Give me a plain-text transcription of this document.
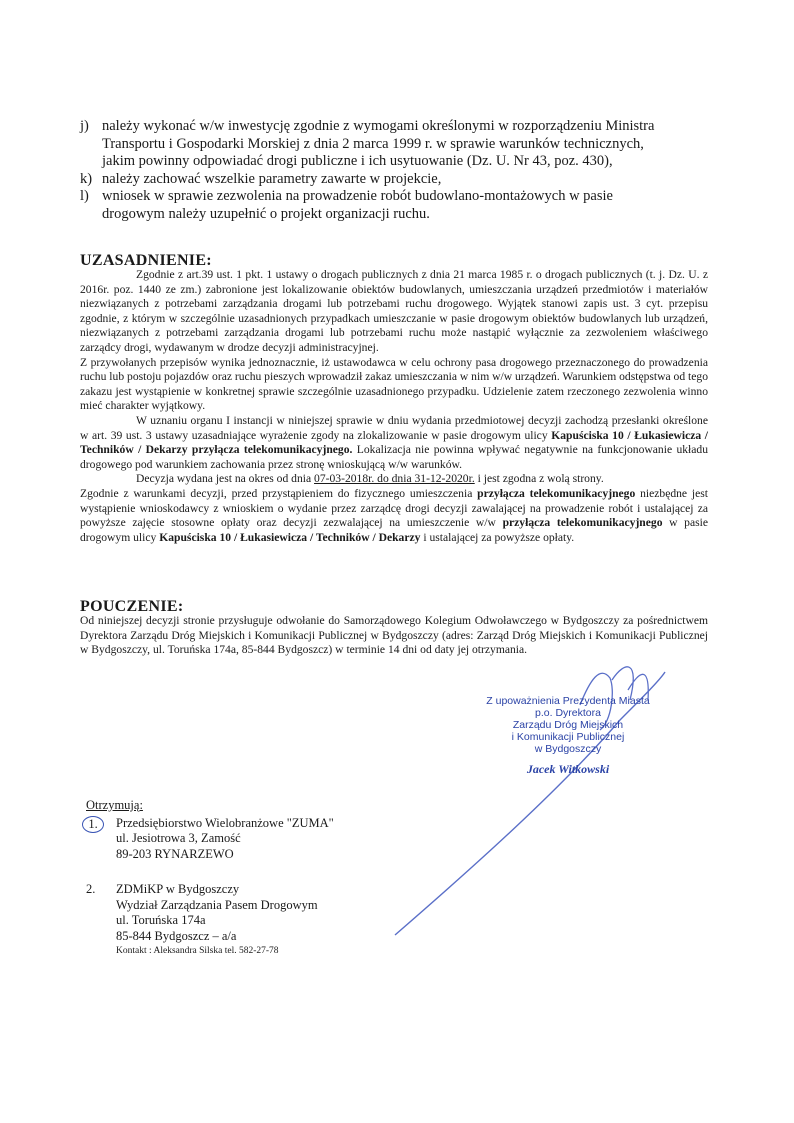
j) należy wykonać w/w inwestycję zgodnie z wymogami określonymi w rozporządzeniu Ministra
Transportu i Gospodarki Morskiej z dnia 2 marca 1999 r. w sprawie warunków technicznych,
jakim powinny odpowiadać drogi publiczne i ich usytuowanie (Dz. U. Nr 43, poz. 430),
k) należy zachować wszelkie parametry zawarte w projekcie,
l) wniosek w sprawie zezwolenia na prowadzenie robót budowlano-montażowych w pasie
drogowym należy uzupełnić o projekt organizacji ruchu.
UZASADNIENIE:

Zgodnie z art.39 ust. 1 pkt. 1 ustawy o drogach publicznych z dnia 21 marca 1985 r. o drogach publicznych (t. j. Dz. U. z 2016r. poz. 1440 ze zm.) zabronione jest lokalizowanie obiektów budowlanych, umieszczania urządzeń przedmiotów i materiałów niezwiązanych z potrzebami zarządzania drogami lub potrzebami ruchu drogowego. Wyjątek stanowi zapis ust. 3 cyt. przepisu zgodnie, z którym w szczególnie uzasadnionych przypadkach umieszczanie w pasie drogowym obiektów budowlanych lub urządzeń, niezwiązanych z potrzebami zarządzania drogami lub potrzebami ruchu może nastąpić wyłącznie za zezwoleniem właściwego zarządcy drogi, wydawanym w drodze decyzji administracyjnej.

Z przywołanych przepisów wynika jednoznacznie, iż ustawodawca w celu ochrony pasa drogowego przeznaczonego do prowadzenia ruchu lub postoju pojazdów oraz ruchu pieszych wprowadził zakaz umieszczania w nim w/w urządzeń. Warunkiem odstępstwa od tego zakazu jest wystąpienie w konkretnej sprawie szczególnie uzasadnionego przypadku. Udzielenie zatem rzeczonego zezwolenia winno mieć charakter wyjątkowy.

W uznaniu organu I instancji w niniejszej sprawie w dniu wydania przedmiotowej decyzji zachodzą przesłanki określone w art. 39 ust. 3 ustawy uzasadniające wyrażenie zgody na zlokalizowanie w pasie drogowym ulicy Kapuściska 10 / Łukasiewicza / Techników / Dekarzy przyłącza telekomunikacyjnego. Lokalizacja nie powinna wpływać negatywnie na funkcjonowanie układu drogowego pod warunkiem zachowania przez stronę wnioskującą w/w warunków.

Decyzja wydana jest na okres od dnia 07-03-2018r. do dnia 31-12-2020r. i jest zgodna z wolą strony.

Zgodnie z warunkami decyzji, przed przystąpieniem do fizycznego umieszczenia przyłącza telekomunikacyjnego niezbędne jest wystąpienie wnioskodawcy z wnioskiem o wydanie przez zarządcę drogi decyzji zawalającej na prowadzenie robót i ustalającej za powyższe zajęcie stosowne opłaty oraz decyzji zezwalającej na umieszczenie w/w przyłącza telekomunikacyjnego w pasie drogowym ulicy Kapuściska 10 / Łukasiewicza / Techników / Dekarzy i ustalającej za powyższe opłaty.

POUCZENIE:

Od niniejszej decyzji stronie przysługuje odwołanie do Samorządowego Kolegium Odwoławczego w Bydgoszczy za pośrednictwem Dyrektora Zarządu Dróg Miejskich i Komunikacji Publicznej w Bydgoszczy (adres: Zarząd Dróg Miejskich i Komunikacji Publicznej w Bydgoszczy, ul. Toruńska 174a, 85-844 Bydgoszcz) w terminie 14 dni od daty jej otrzymania.

Z upoważnienia Prezydenta Miasta
p.o. Dyrektora
Zarządu Dróg Miejskich
i Komunikacji Publicznej
w Bydgoszczy
Jacek Witkowski
Otrzymują:
1.	Przedsiębiorstwo Wielobranżowe "ZUMA"
ul. Jesiotrowa 3, Zamość
89-203 RYNARZEWO
2.	ZDMiKP w Bydgoszczy
Wydział Zarządzania Pasem Drogowym
ul. Toruńska 174a
85-844 Bydgoszcz – a/a
Kontakt : Aleksandra Silska tel. 582-27-78
